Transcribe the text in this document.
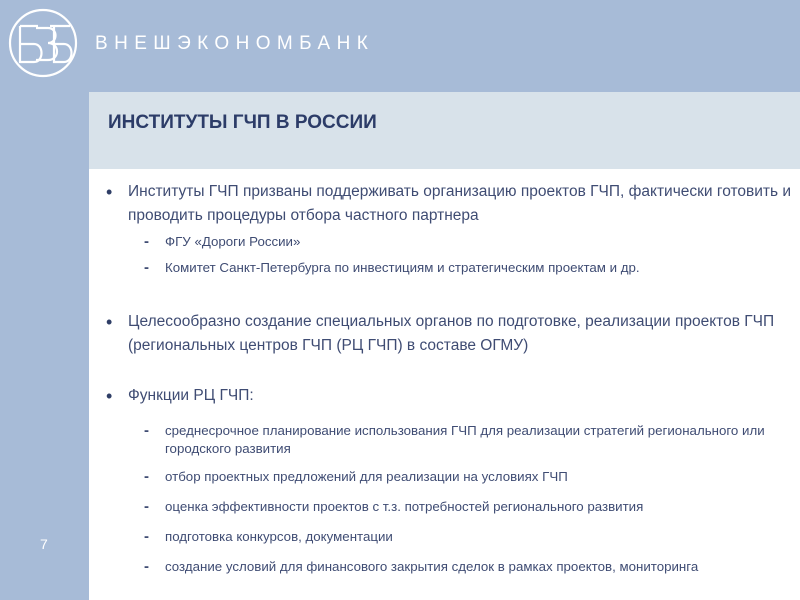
ВНЕШЭКОНОМБАНК
ИНСТИТУТЫ ГЧП В РОССИИ
7
• Институты ГЧП призваны поддерживать организацию проектов ГЧП, фактически готовить и проводить процедуры отбора частного партнера
- ФГУ «Дороги России»
- Комитет Санкт-Петербурга по инвестициям и стратегическим проектам и др.
• Целесообразно создание специальных органов по подготовке, реализации проектов ГЧП (региональных центров ГЧП (РЦ ГЧП) в составе ОГМУ)
• Функции РЦ ГЧП:
- среднесрочное планирование использования ГЧП для реализации стратегий регионального или городского развития
- отбор проектных предложений для реализации на условиях ГЧП
- оценка эффективности проектов с т.з. потребностей регионального развития
- подготовка конкурсов, документации
- создание условий для финансового закрытия сделок в рамках проектов, мониторинга
